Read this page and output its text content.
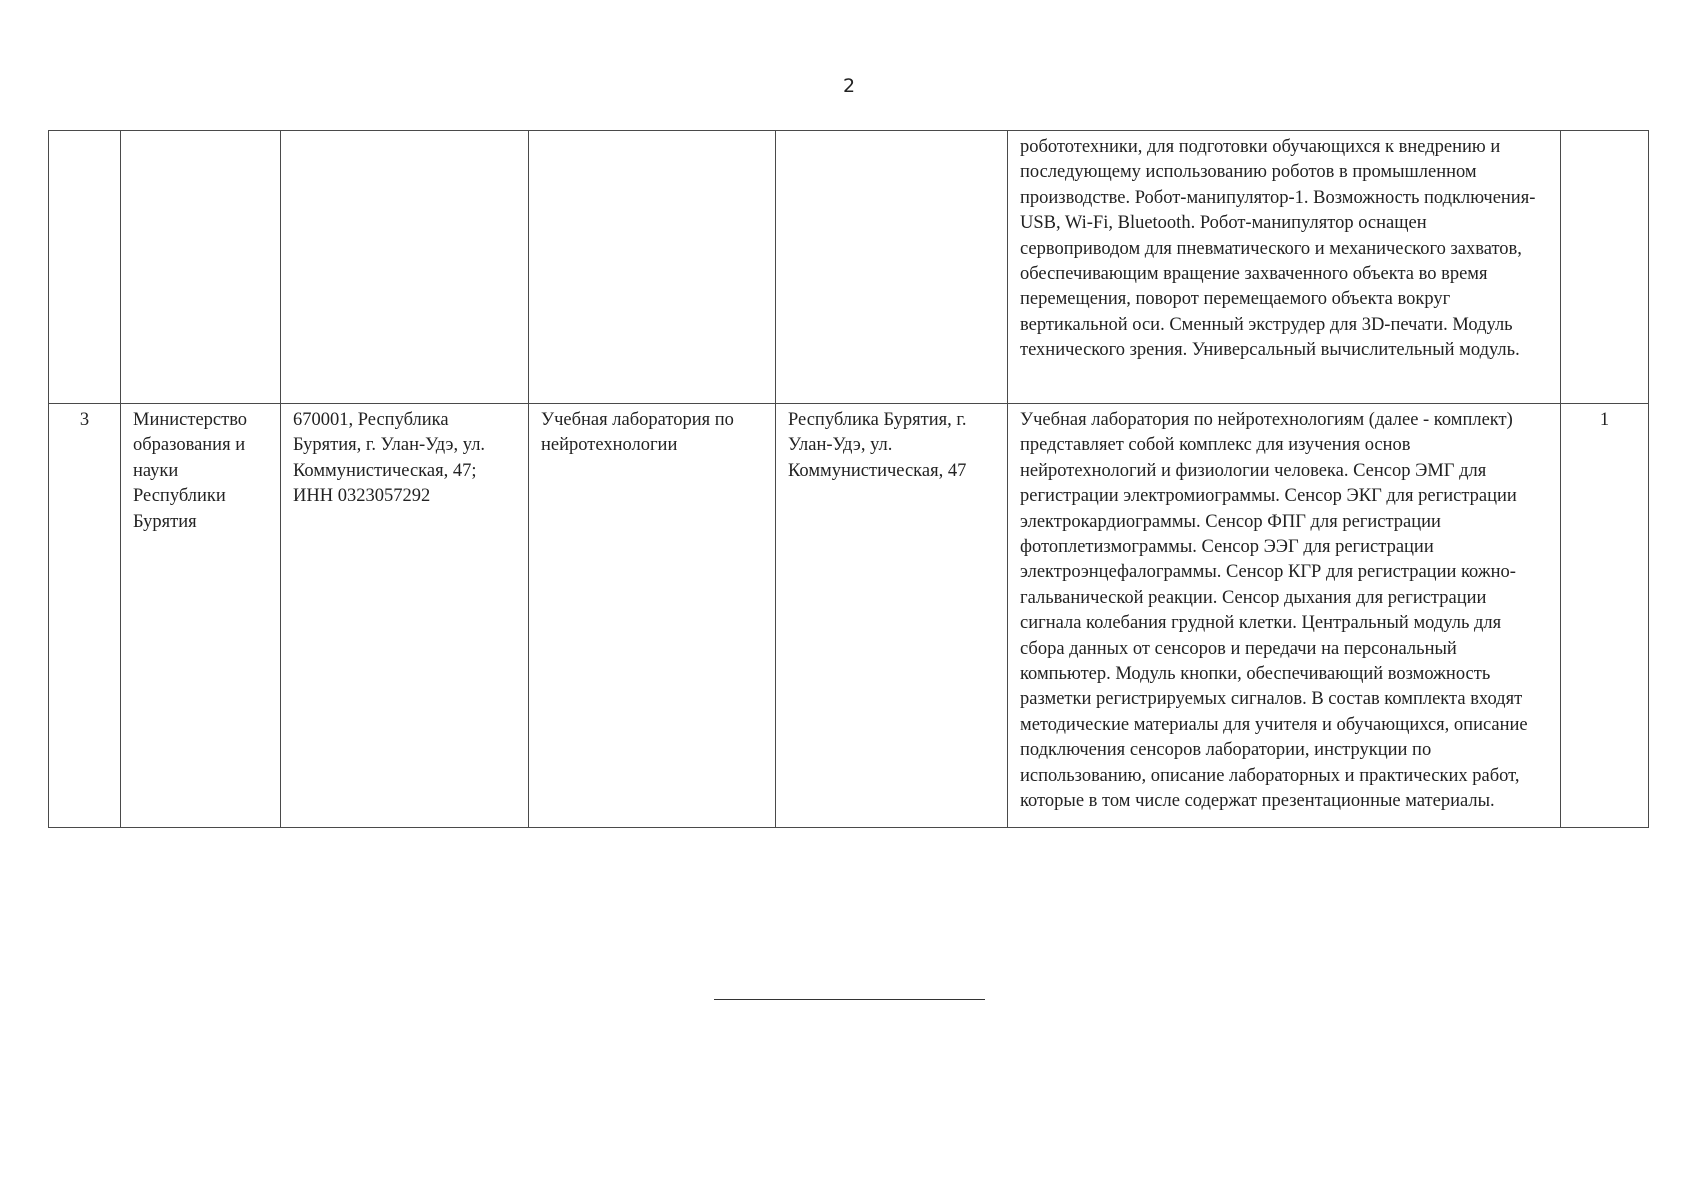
2
					робототехники, для подготовки обучающихся к внедрению и последующему использованию роботов в промышленном производстве. Робот-манипулятор-1. Возможность подключения- USB, Wi-Fi, Bluetooth. Робот-манипулятор оснащен сервоприводом для пневматического и механического захватов, обеспечивающим вращение захваченного объекта во время перемещения, поворот перемещаемого объекта вокруг вертикальной оси. Сменный экструдер для 3D-печати. Модуль технического зрения. Универсальный вычислительный модуль.	
3	Министерство образования и науки Республики Бурятия	670001, Республика Бурятия, г. Улан-Удэ, ул. Коммунистическая, 47; ИНН 0323057292	Учебная лаборатория по нейротехнологии	Республика Бурятия, г. Улан-Удэ, ул. Коммунистическая, 47	Учебная лаборатория по нейротехнологиям (далее - комплект) представляет собой комплекс для изучения основ нейротехнологий и физиологии человека. Сенсор ЭМГ для регистрации электромиограммы. Сенсор ЭКГ для регистрации электрокардиограммы. Сенсор ФПГ для регистрации фотоплетизмограммы. Сенсор ЭЭГ для регистрации электроэнцефалограммы. Сенсор КГР для регистрации кожно-гальванической реакции. Сенсор дыхания для регистрации сигнала колебания грудной клетки. Центральный модуль для сбора данных от сенсоров и передачи на персональный компьютер. Модуль кнопки, обеспечивающий возможность разметки регистрируемых сигналов. В состав комплекта входят методические материалы для учителя и обучающихся, описание подключения сенсоров лаборатории, инструкции по использованию, описание лабораторных и практических работ, которые в том числе содержат презентационные материалы.	1
